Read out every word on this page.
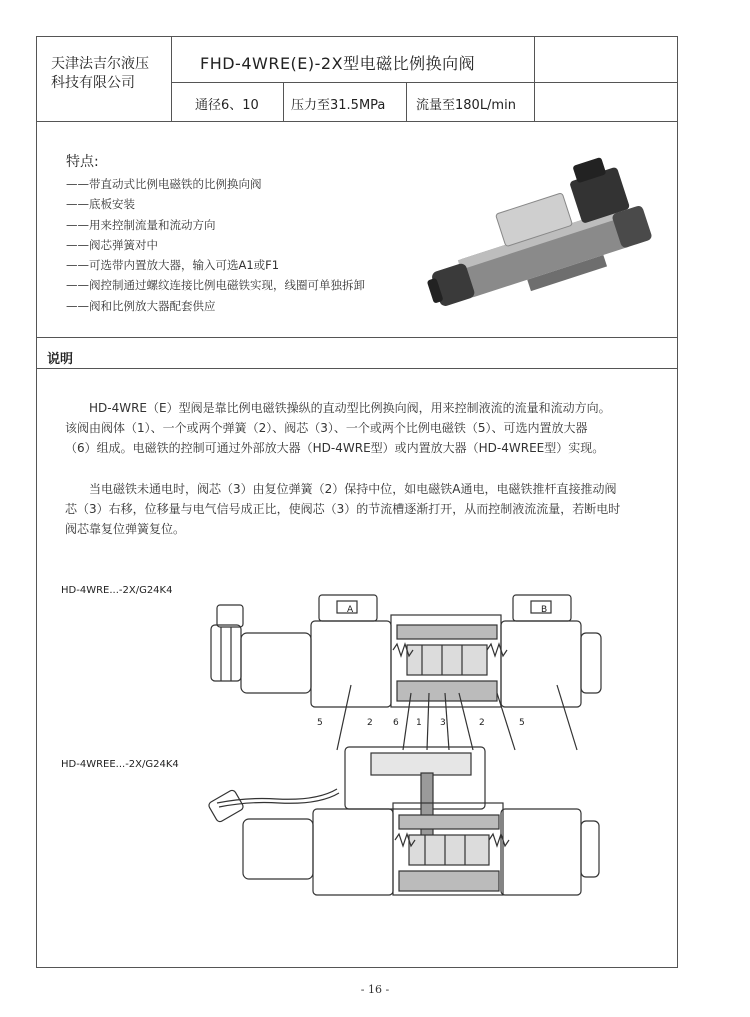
天津法吉尔液压
科技有限公司
FHD-4WRE(E)-2X型电磁比例换向阀
通径6、10 压力至31.5MPa 流量至180L/min
特点:
——带直动式比例电磁铁的比例换向阀
——底板安装
——用来控制流量和流动方向
——阀芯弹簧对中
——可选带内置放大器，输入可选A1或F1
——阀控制通过螺纹连接比例电磁铁实现，线圈可单独拆卸
——阀和比例放大器配套供应
说明
HD-4WRE（E）型阀是靠比例电磁铁操纵的直动型比例换向阀，用来控制液流的流量和流动方向。
该阀由阀体（1）、一个或两个弹簧（2）、阀芯（3）、一个或两个比例电磁铁（5）、可选内置放大器
（6）组成。电磁铁的控制可通过外部放大器（HD-4WRE型）或内置放大器（HD-4WREE型）实现。
当电磁铁未通电时，阀芯（3）由复位弹簧（2）保持中位，如电磁铁A通电，电磁铁推杆直接推动阀
芯（3）右移，位移量与电气信号成正比，使阀芯（3）的节流槽逐渐打开，从而控制液流流量，若断电时
阀芯靠复位弹簧复位。
HD-4WRE...-2X/G24K4
A	B
5	2 6 1 3	2	5
HD-4WREE...-2X/G24K4
- 16 -
